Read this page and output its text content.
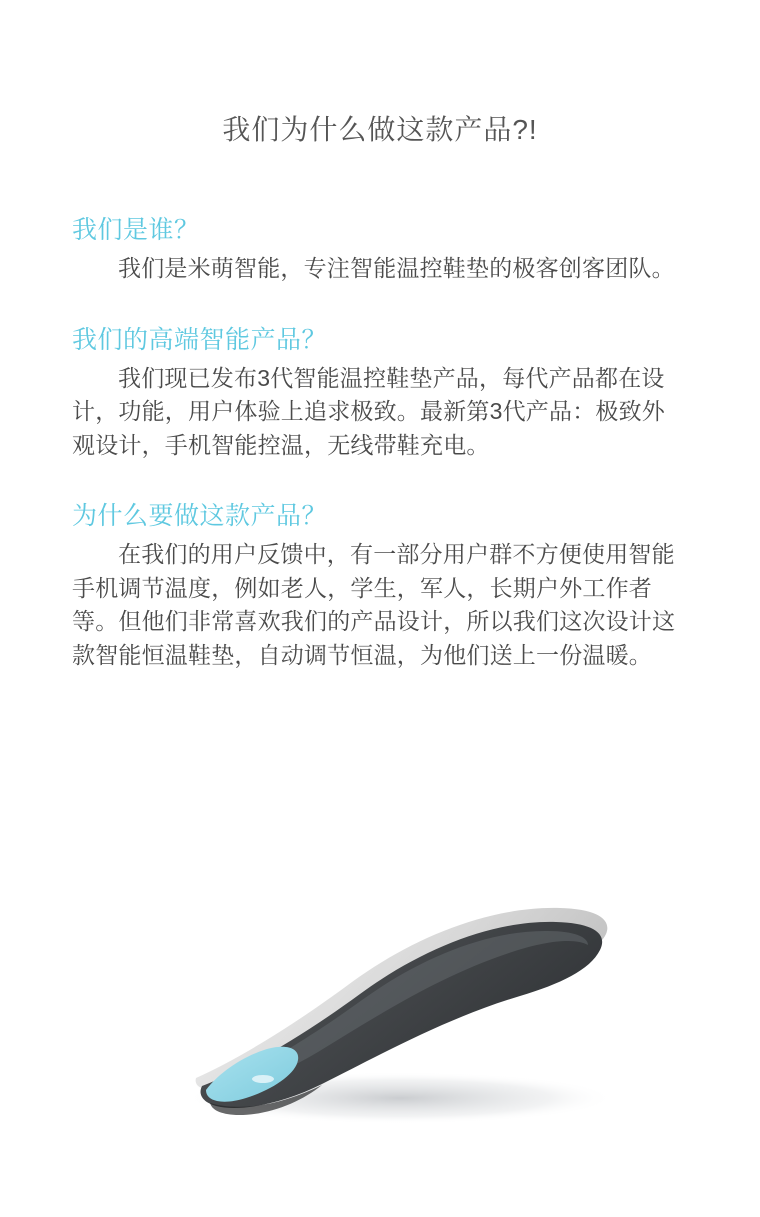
我们为什么做这款产品?!
我们是谁？

我们是米萌智能，专注智能温控鞋垫的极客创客团队。

我们的高端智能产品？

我们现已发布3代智能温控鞋垫产品，每代产品都在设计，功能，用户体验上追求极致。最新第3代产品：极致外观设计，手机智能控温，无线带鞋充电。

为什么要做这款产品？

在我们的用户反馈中，有一部分用户群不方便使用智能手机调节温度，例如老人，学生，军人，长期户外工作者等。但他们非常喜欢我们的产品设计，所以我们这次设计这款智能恒温鞋垫，自动调节恒温，为他们送上一份温暖。
